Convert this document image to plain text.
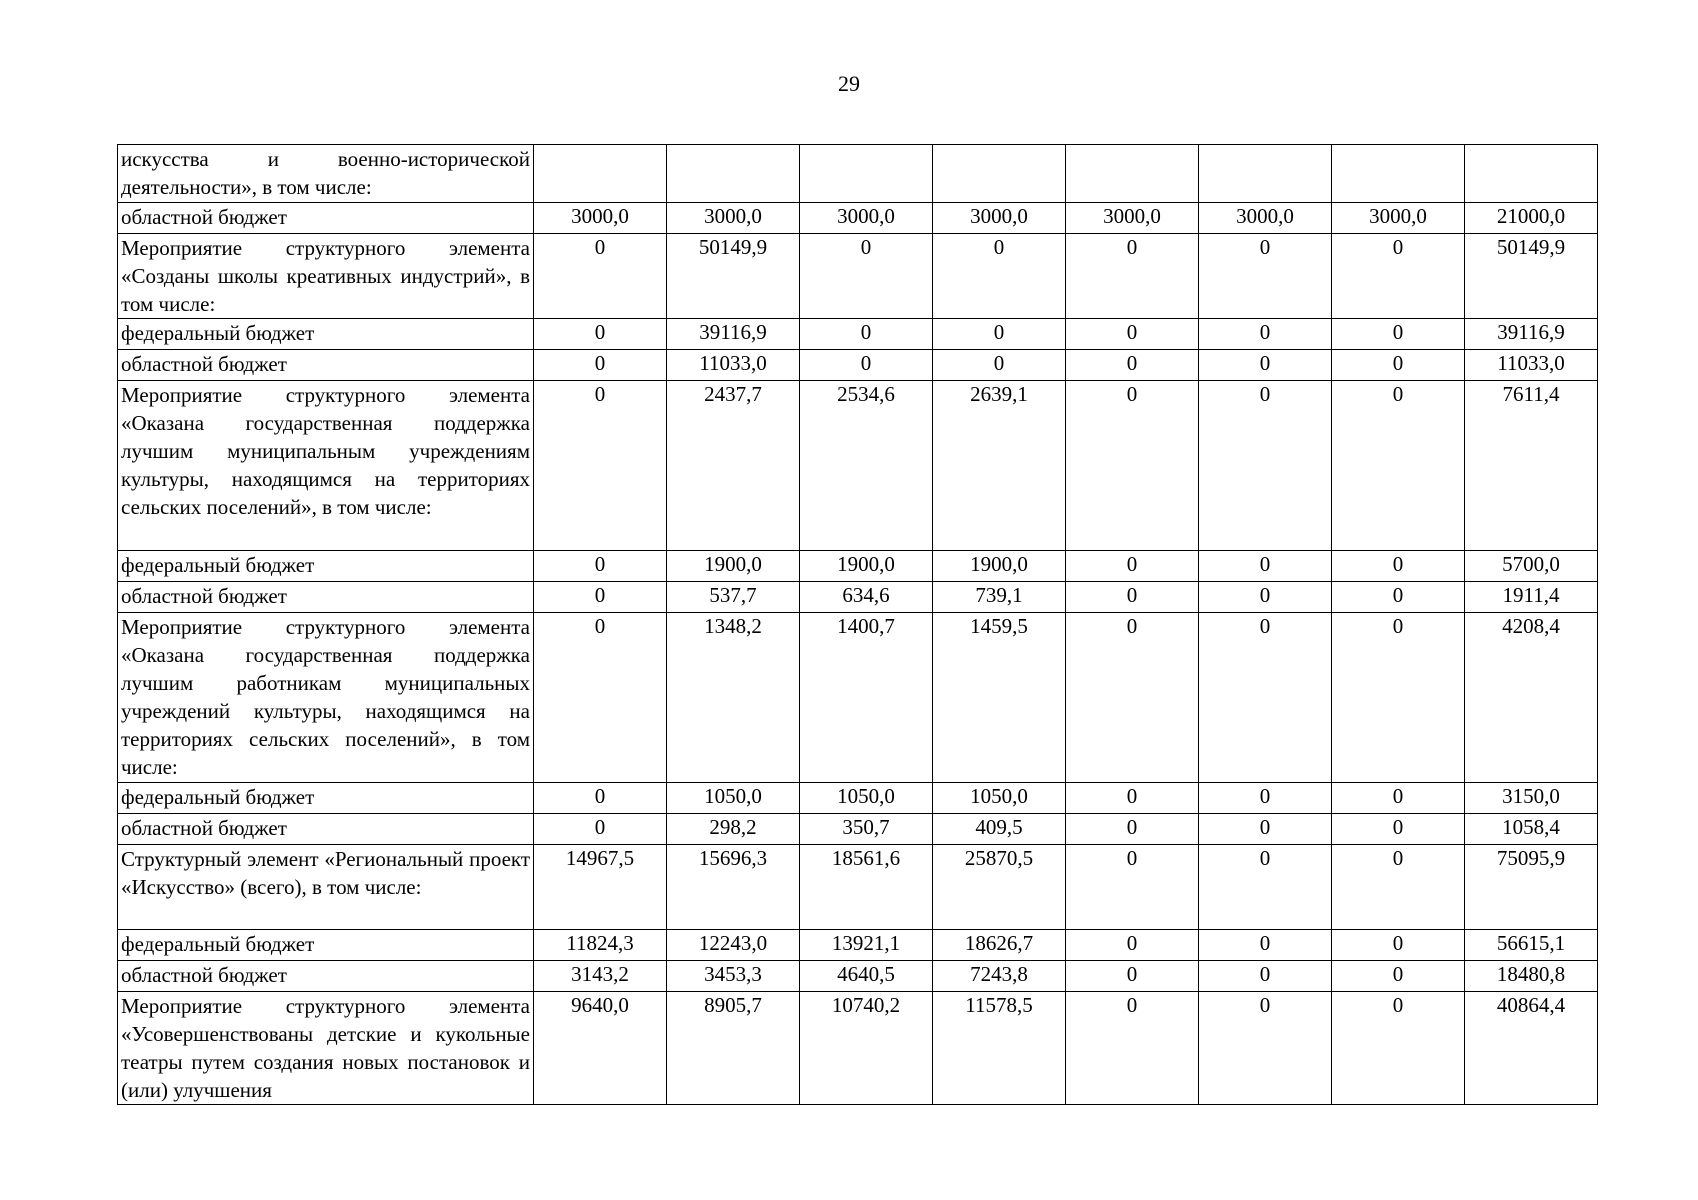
29
искусства и военно-исторической деятельности», в том числе:								
областной бюджет	3000,0	3000,0	3000,0	3000,0	3000,0	3000,0	3000,0	21000,0
Мероприятие структурного элемента «Созданы школы креативных индустрий», в том числе:	0	50149,9	0	0	0	0	0	50149,9
федеральный бюджет	0	39116,9	0	0	0	0	0	39116,9
областной бюджет	0	11033,0	0	0	0	0	0	11033,0
Мероприятие структурного элемента «Оказана государственная поддержка лучшим муниципальным учреждениям культуры, находящимся на территориях сельских поселений», в том числе:	0	2437,7	2534,6	2639,1	0	0	0	7611,4
федеральный бюджет	0	1900,0	1900,0	1900,0	0	0	0	5700,0
областной бюджет	0	537,7	634,6	739,1	0	0	0	1911,4
Мероприятие структурного элемента «Оказана государственная поддержка лучшим работникам муниципальных учреждений культуры, находящимся на территориях сельских поселений», в том числе:	0	1348,2	1400,7	1459,5	0	0	0	4208,4
федеральный бюджет	0	1050,0	1050,0	1050,0	0	0	0	3150,0
областной бюджет	0	298,2	350,7	409,5	0	0	0	1058,4
Структурный элемент «Региональный проект «Искусство» (всего), в том числе:	14967,5	15696,3	18561,6	25870,5	0	0	0	75095,9
федеральный бюджет	11824,3	12243,0	13921,1	18626,7	0	0	0	56615,1
областной бюджет	3143,2	3453,3	4640,5	7243,8	0	0	0	18480,8
Мероприятие структурного элемента «Усовершенствованы детские и кукольные театры путем создания новых постановок и (или) улучшения	9640,0	8905,7	10740,2	11578,5	0	0	0	40864,4
